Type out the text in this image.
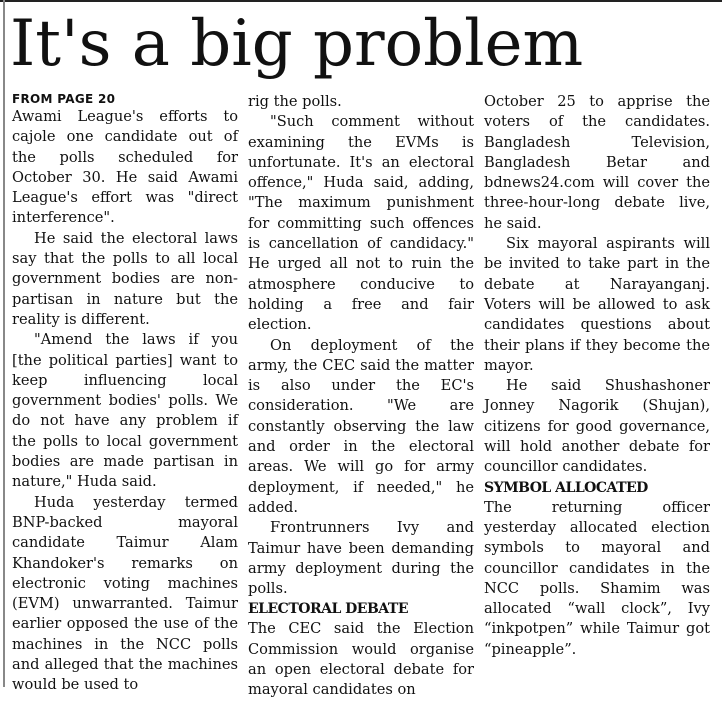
It's a big problem
FROM PAGE 20

Awami League's efforts to cajole one candidate out of the polls scheduled for October 30. He said Awami League's effort was "direct interference".

He said the electoral laws say that the polls to all local government bodies are non-partisan in nature but the reality is different.

"Amend the laws if you [the political parties] want to keep influencing local government bodies' polls. We do not have any problem if the polls to local government bodies are made partisan in nature," Huda said.

Huda yesterday termed BNP-backed mayoral candidate Taimur Alam Khandoker's remarks on electronic voting machines (EVM) unwarranted. Taimur earlier opposed the use of the machines in the NCC polls and alleged that the machines would be used to

rig the polls.

"Such comment without examining the EVMs is unfortunate. It's an electoral offence," Huda said, adding, "The maximum punishment for committing such offences is cancellation of candidacy." He urged all not to ruin the atmosphere conducive to holding a free and fair election.

On deployment of the army, the CEC said the matter is also under the EC's consideration. "We are constantly observing the law and order in the electoral areas. We will go for army deployment, if needed," he added.

Frontrunners Ivy and Taimur have been demanding army deployment during the polls.

ELECTORAL DEBATE

The CEC said the Election Commission would organise an open electoral debate for mayoral candidates on

October 25 to apprise the voters of the candidates. Bangladesh Television, Bangladesh Betar and bdnews24.com will cover the three-hour-long debate live, he said.

Six mayoral aspirants will be invited to take part in the debate at Narayanganj. Voters will be allowed to ask candidates questions about their plans if they become the mayor.

He said Shushashoner Jonney Nagorik (Shujan), citizens for good governance, will hold another debate for councillor candidates.

SYMBOL ALLOCATED

The returning officer yesterday allocated election symbols to mayoral and councillor candidates in the NCC polls. Shamim was allocated “wall clock”, Ivy “inkpotpen” while Taimur got “pineapple”.
